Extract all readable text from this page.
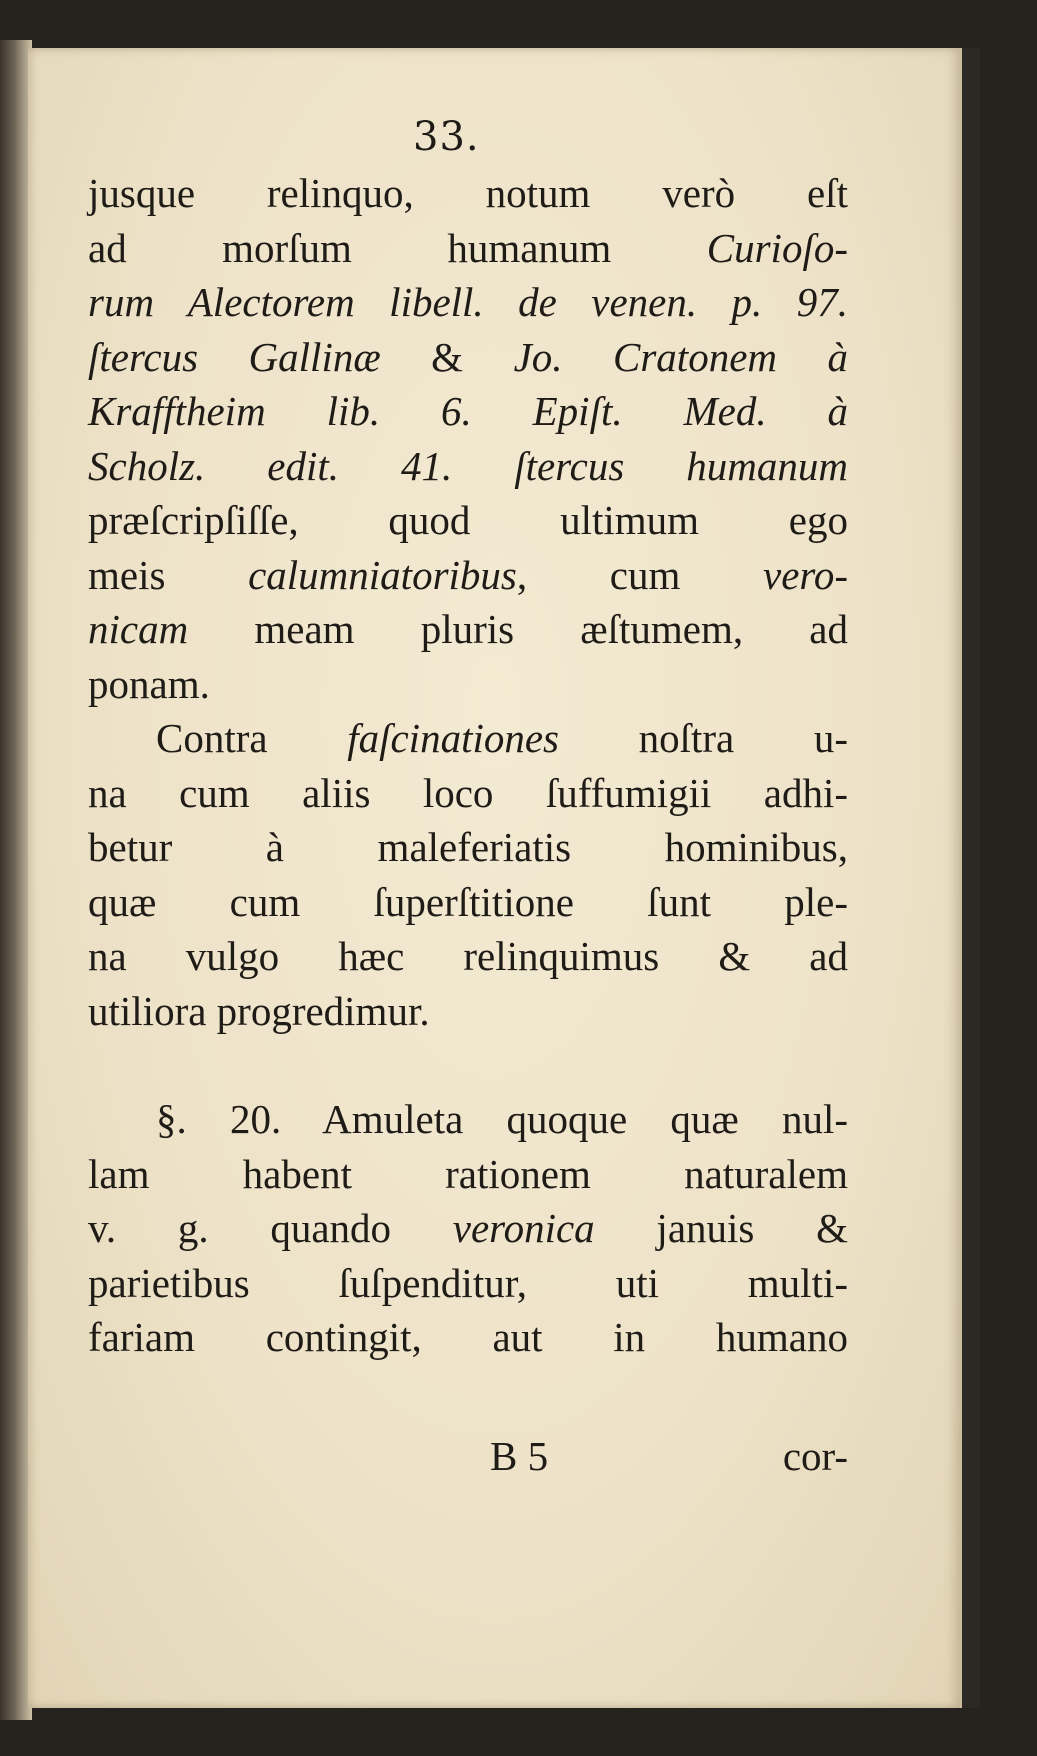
33.
jusque relinquo, notum verò eſt
ad morſum humanum Curioſo-
rum Alectorem libell. de venen. p. 97.
ſtercus Gallinæ & Jo. Cratonem à
Krafftheim lib. 6. Epiſt. Med. à
Scholz. edit. 41. ſtercus humanum
præſcripſiſſe, quod ultimum ego
meis calumniatoribus, cum vero-
nicam meam pluris æſtumem, ad
ponam.
Contra faſcinationes noſtra u-
na cum aliis loco ſuffumigii adhi-
betur à maleferiatis hominibus,
quæ cum ſuperſtitione ſunt ple-
na vulgo hæc relinquimus & ad
utiliora progredimur.
§. 20. Amuleta quoque quæ nul-
lam habent rationem naturalem
v. g. quando veronica januis &
parietibus ſuſpenditur, uti multi-
fariam contingit, aut in humano
B 5	cor-
